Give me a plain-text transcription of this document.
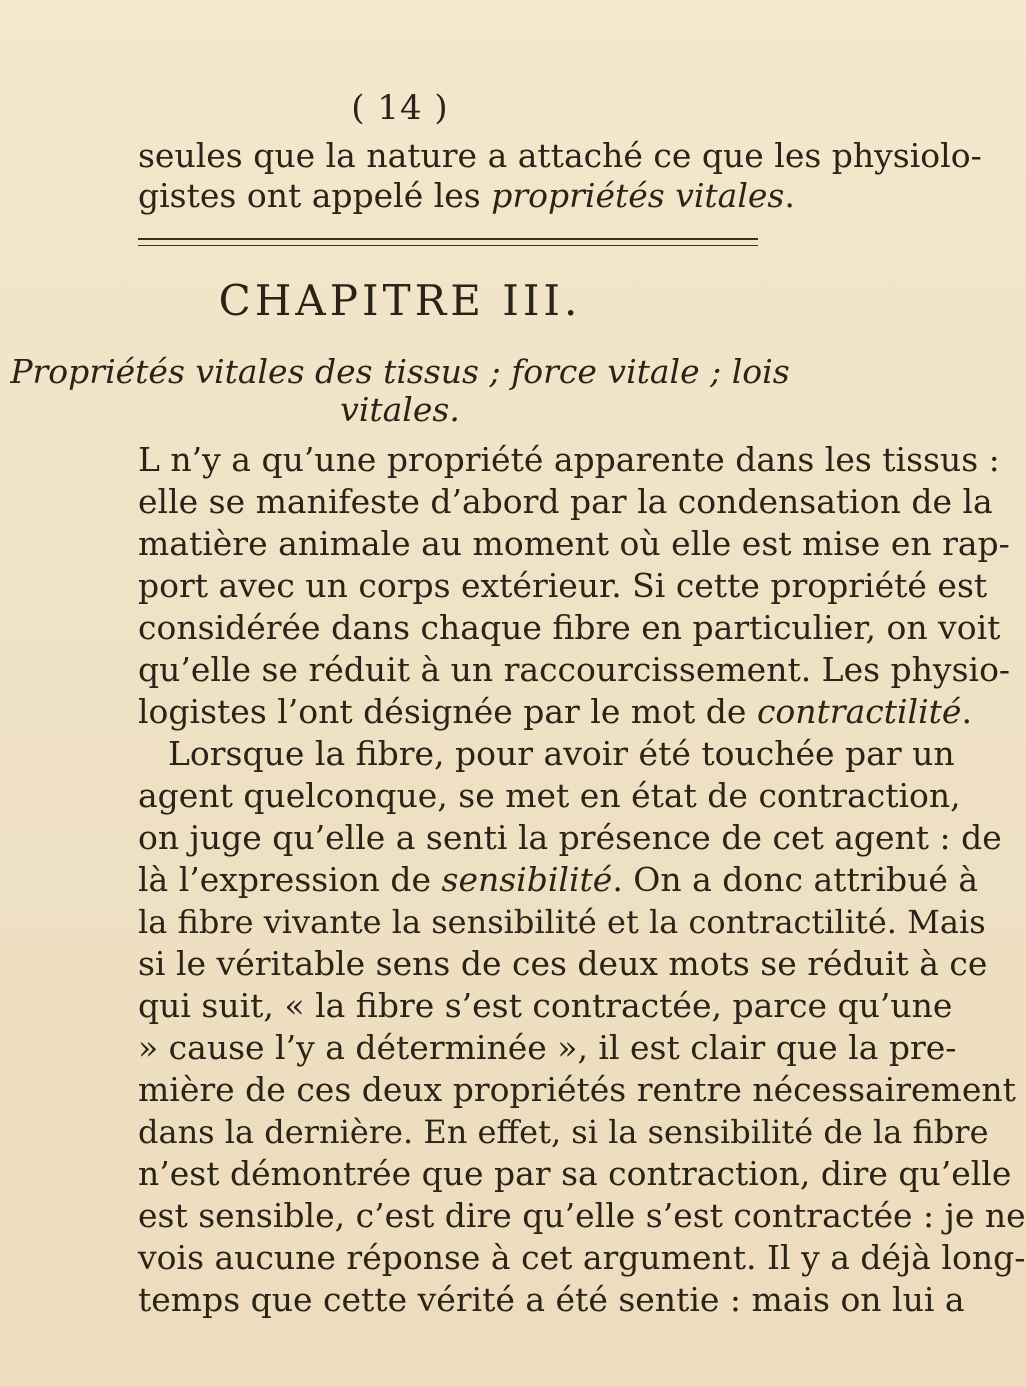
( 14 )
seules que la nature a attaché ce que les physiolo-
gistes ont appelé les propriétés vitales.
CHAPITRE III.
Propriétés vitales des tissus ; force vitale ; lois
vitales.
L n’y a qu’une propriété apparente dans les tissus :
elle se manifeste d’abord par la condensation de la
matière animale au moment où elle est mise en rap-
port avec un corps extérieur. Si cette propriété est
considérée dans chaque fibre en particulier, on voit
qu’elle se réduit à un raccourcissement. Les physio-
logistes l’ont désignée par le mot de contractilité.
Lorsque la fibre, pour avoir été touchée par un
agent quelconque, se met en état de contraction,
on juge qu’elle a senti la présence de cet agent : de
là l’expression de sensibilité . On a donc attribué à
la fibre vivante la sensibilité et la contractilité. Mais
si le véritable sens de ces deux mots se réduit à ce
qui suit, « la fibre s’est contractée, parce qu’une
» cause l’y a déterminée », il est clair que la pre-
mière de ces deux propriétés rentre nécessairement
dans la dernière. En effet, si la sensibilité de la fibre
n’est démontrée que par sa contraction, dire qu’elle
est sensible, c’est dire qu’elle s’est contractée : je ne
vois aucune réponse à cet argument. Il y a déjà long-
temps que cette vérité a été sentie : mais on lui a
